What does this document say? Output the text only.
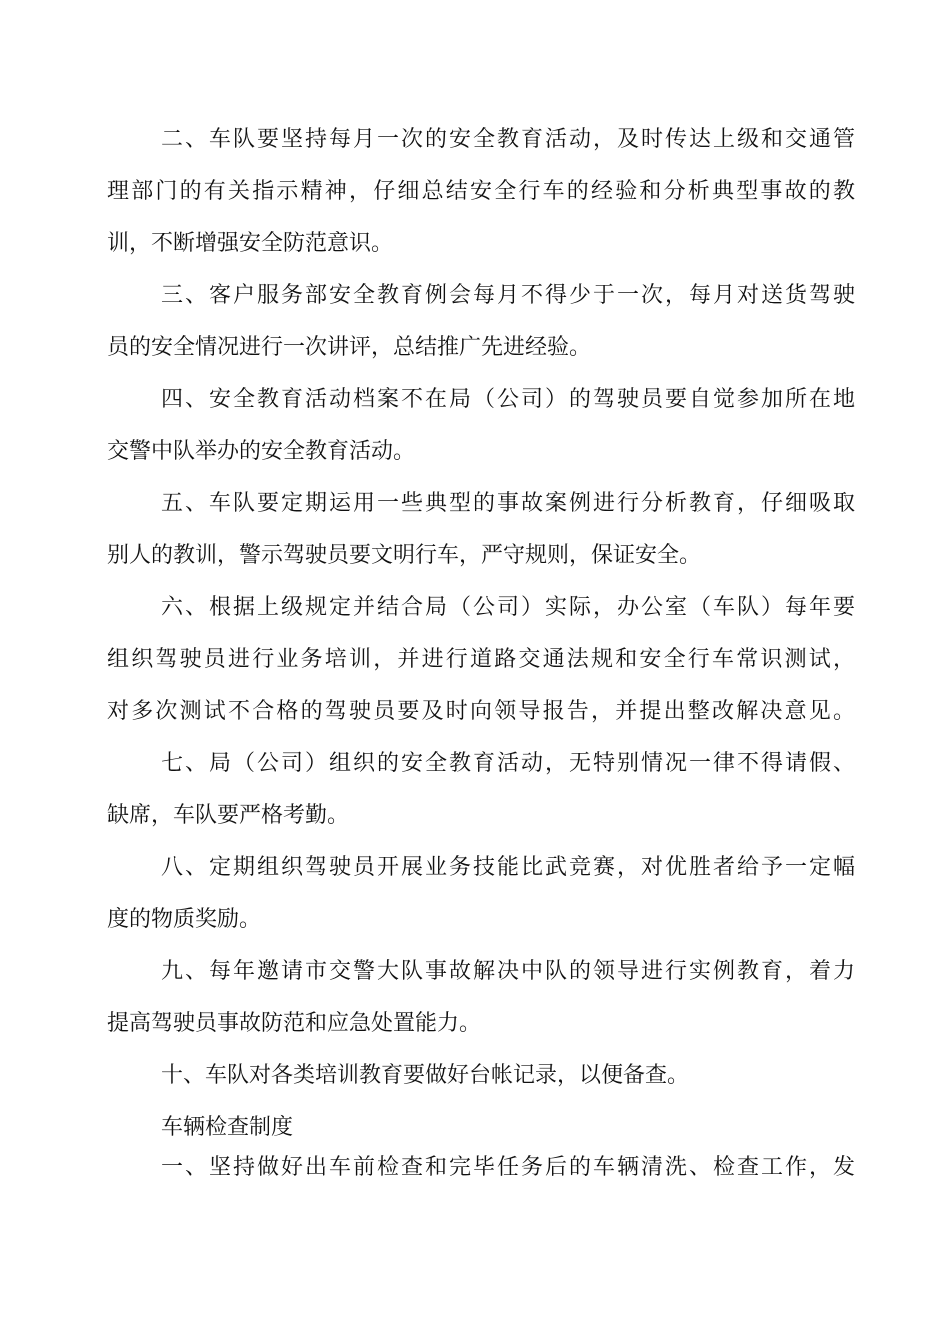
二、车队要坚持每月一次的安全教育活动，及时传达上级和交通管
理部门的有关指示精神，仔细总结安全行车的经验和分析典型事故的教
训，不断增强安全防范意识。
三、客户服务部安全教育例会每月不得少于一次，每月对送货驾驶
员的安全情况进行一次讲评，总结推广先进经验。
四、安全教育活动档案不在局（公司）的驾驶员要自觉参加所在地
交警中队举办的安全教育活动。
五、车队要定期运用一些典型的事故案例进行分析教育，仔细吸取
别人的教训，警示驾驶员要文明行车，严守规则，保证安全。
六、根据上级规定并结合局（公司）实际，办公室（车队）每年要
组织驾驶员进行业务培训，并进行道路交通法规和安全行车常识测试，
对多次测试不合格的驾驶员要及时向领导报告，并提出整改解决意见。
七、局（公司）组织的安全教育活动，无特别情况一律不得请假、
缺席，车队要严格考勤。
八、定期组织驾驶员开展业务技能比武竞赛，对优胜者给予一定幅
度的物质奖励。
九、每年邀请市交警大队事故解决中队的领导进行实例教育，着力
提高驾驶员事故防范和应急处置能力。
十、车队对各类培训教育要做好台帐记录，以便备查。
车辆检查制度
一、坚持做好出车前检查和完毕任务后的车辆清洗、检查工作，发
